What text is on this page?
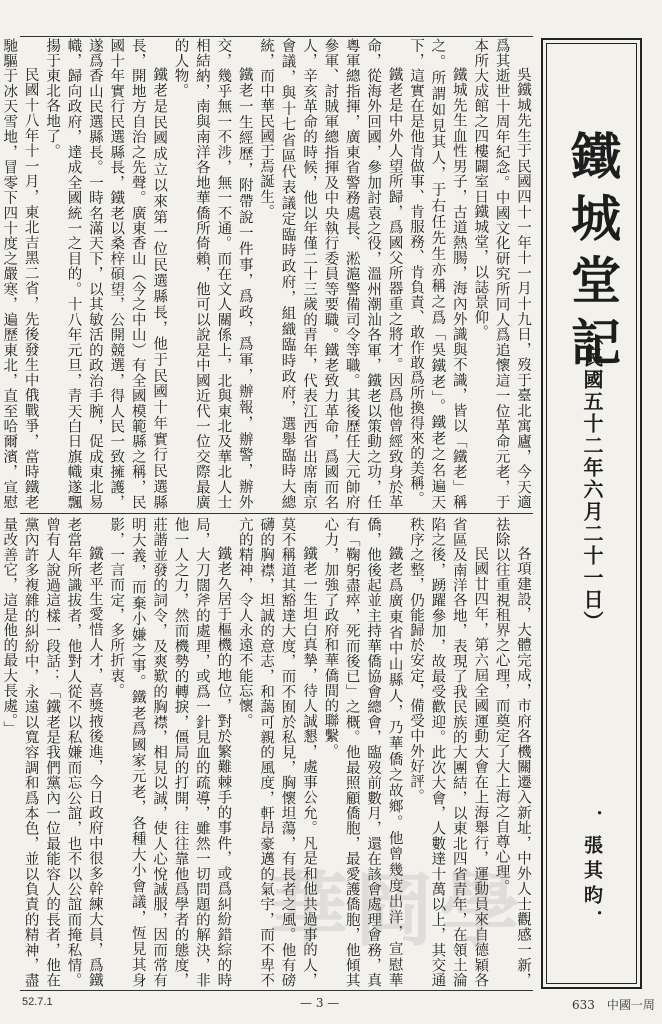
鐵城堂記
（民國五十二年六月二十一日）
．張其昀．

吳鐵城先生于民國四十一年十一月十九日，歿于臺北寓廬，今天適爲其逝世十周年紀念。中國文化研究所同人爲追懷這一位革命元老，于本所大成館之四樓闢室日鐵城堂，以誌景仰。

鐵城先生血性男子，古道熱腸，海內外識與不識，皆以「鐵老」稱之。所謂如見其人，于右任先生亦稱之爲「吳鐵老」。鐵老之名遍天下，這實在是他肯做事、肯服務、肯負責、敢作敢爲所換得來的美稱。

鐵老是中外人望所歸，爲國父所器重之將才。因爲他曾經致身於革命，從海外回國，參加討袁之役，溫州潮汕各軍，鐵老以策動之功，任粵軍總指揮，廣東省警務處長、淞滬警備司令等職。其後歷任大元帥府參軍、討賊軍總指揮及中央執行委員等要職。鐵老致力革命，爲國而名人，辛亥革命的時候，他以年僅二十三歲的青年，代表江西省出席南京會議，與十七省區代表議定臨時政府，組織臨時政府，選舉臨時大總統，而中華民國于焉誕生。

鐵老一生經歷，附帶說一件事，爲政，爲軍，辦報，辦警，辦外交，幾乎無一不涉，無一不通。而在文人關係上，北與東北及華北人士相結納，南與南洋各地華僑所倚賴，他可以說是中國近代一位交際最廣的人物。

鐵老是民國成立以來第一位民選縣長，他于民國十年實行民選縣長，開地方自治之先聲。廣東香山（今之中山）有全國模範縣之稱，民國十年實行民選縣長，鐵老以桑梓碩望，公開競選，得人民一致擁護，遂爲香山民選縣長。一時名滿天下，以其敏活的政治手腕，促成東北易幟，歸向政府，達成全國統一之目的。十八年元旦，青天白日旗幟遂飄揚于東北各地了。

民國十八年十一月，東北吉黑二省，先後發生中俄戰爭，當時鐵老馳驅于冰天雪地，冒零下四十度之嚴寒，遍歷東北，直至哈爾濱，宣慰

各項建設，大體完成，市府各機關遷入新址，中外人士觀感一新，祛除以往重視租界之心理，而奠定了大上海之自尊心理。

民國廿四年，第六屆全國運動大會在上海舉行，運動員來自德穎各省區及南洋各地，表現了我民族的大團結，以東北四省青年，在領土淪陷之後，踴躍參加，故最受歡迎。此次大會，人數達十萬以上，其交通秩序之整，仍能歸於安定，備受中外好評。

鐵老爲廣東省中山縣人，乃華僑之故鄉。他曾幾度出洋，宣慰華僑，他後起並主持華僑協會總會，臨歿前數月，還在該會處理會務，真有「鞠躬盡瘁，死而後已」之概。他最照顧僑胞，最愛護僑胞，他傾其心力，加強了政府和華僑間的聯繫。

鐵老一生坦白真摯，待人誠懇，處事公允。凡是和他共過事的人，莫不稱道其豁達大度，而不囿於私見，胸懷坦蕩，有長者之風。他有磅礴的胸襟，坦誠的意志，和藹可親的風度，軒昂豪邁的氣宇，而不卑不亢的精神，令人永遠不能忘懷。

鐵老久居于樞機的地位，對於繁難棘手的事件，或爲糾紛錯綜的時局，大刀闊斧的處理，或爲一針見血的疏導，雖然一切問題的解決，非他一人之力，然而機勢的轉捩，僵局的打開，往往靠他爲學者的態度，莊諧並發的詞令，及爽歎的胸襟，相見以誠，使人心悅誠服，因而常有明大義，而棄小嫌之事。鐵老爲國家元老，各種大小會議，恆見其身影，一言而定，多所折衷。

鐵老平生愛惜人才，喜獎掖後進，今日政府中很多幹練大員，爲鐵老當年所識拔者，他對人從不以私嫌而忘公誼，也不以公誼而掩私情。曾有人說過這樣一段話：「鐵老是我們黨內一位最能容人的長者，他在黨內許多複雜的糾紛中，永遠以寬容調和爲本色，並以負責的精神，盡量改善它，這是他的最大長處。」

華岡學
52.7.1	— 3 —	633　中國一周
